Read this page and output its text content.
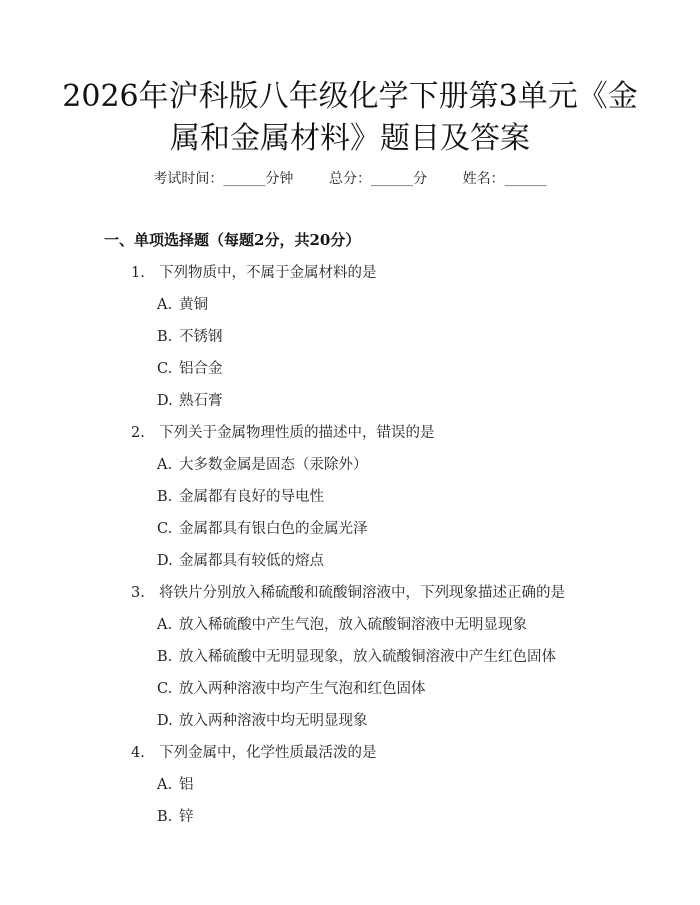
2026年沪科版八年级化学下册第3单元《金
属和金属材料》题目及答案
考试时间：______分钟	总分：______分	姓名：______
一、单项选择题（每题2分，共20分）
1. 下列物质中，不属于金属材料的是
A. 黄铜
B. 不锈钢
C. 铝合金
D. 熟石膏
2. 下列关于金属物理性质的描述中，错误的是
A. 大多数金属是固态（汞除外）
B. 金属都有良好的导电性
C. 金属都具有银白色的金属光泽
D. 金属都具有较低的熔点
3. 将铁片分别放入稀硫酸和硫酸铜溶液中，下列现象描述正确的是
A. 放入稀硫酸中产生气泡，放入硫酸铜溶液中无明显现象
B. 放入稀硫酸中无明显现象，放入硫酸铜溶液中产生红色固体
C. 放入两种溶液中均产生气泡和红色固体
D. 放入两种溶液中均无明显现象
4. 下列金属中，化学性质最活泼的是
A. 铝
B. 锌
